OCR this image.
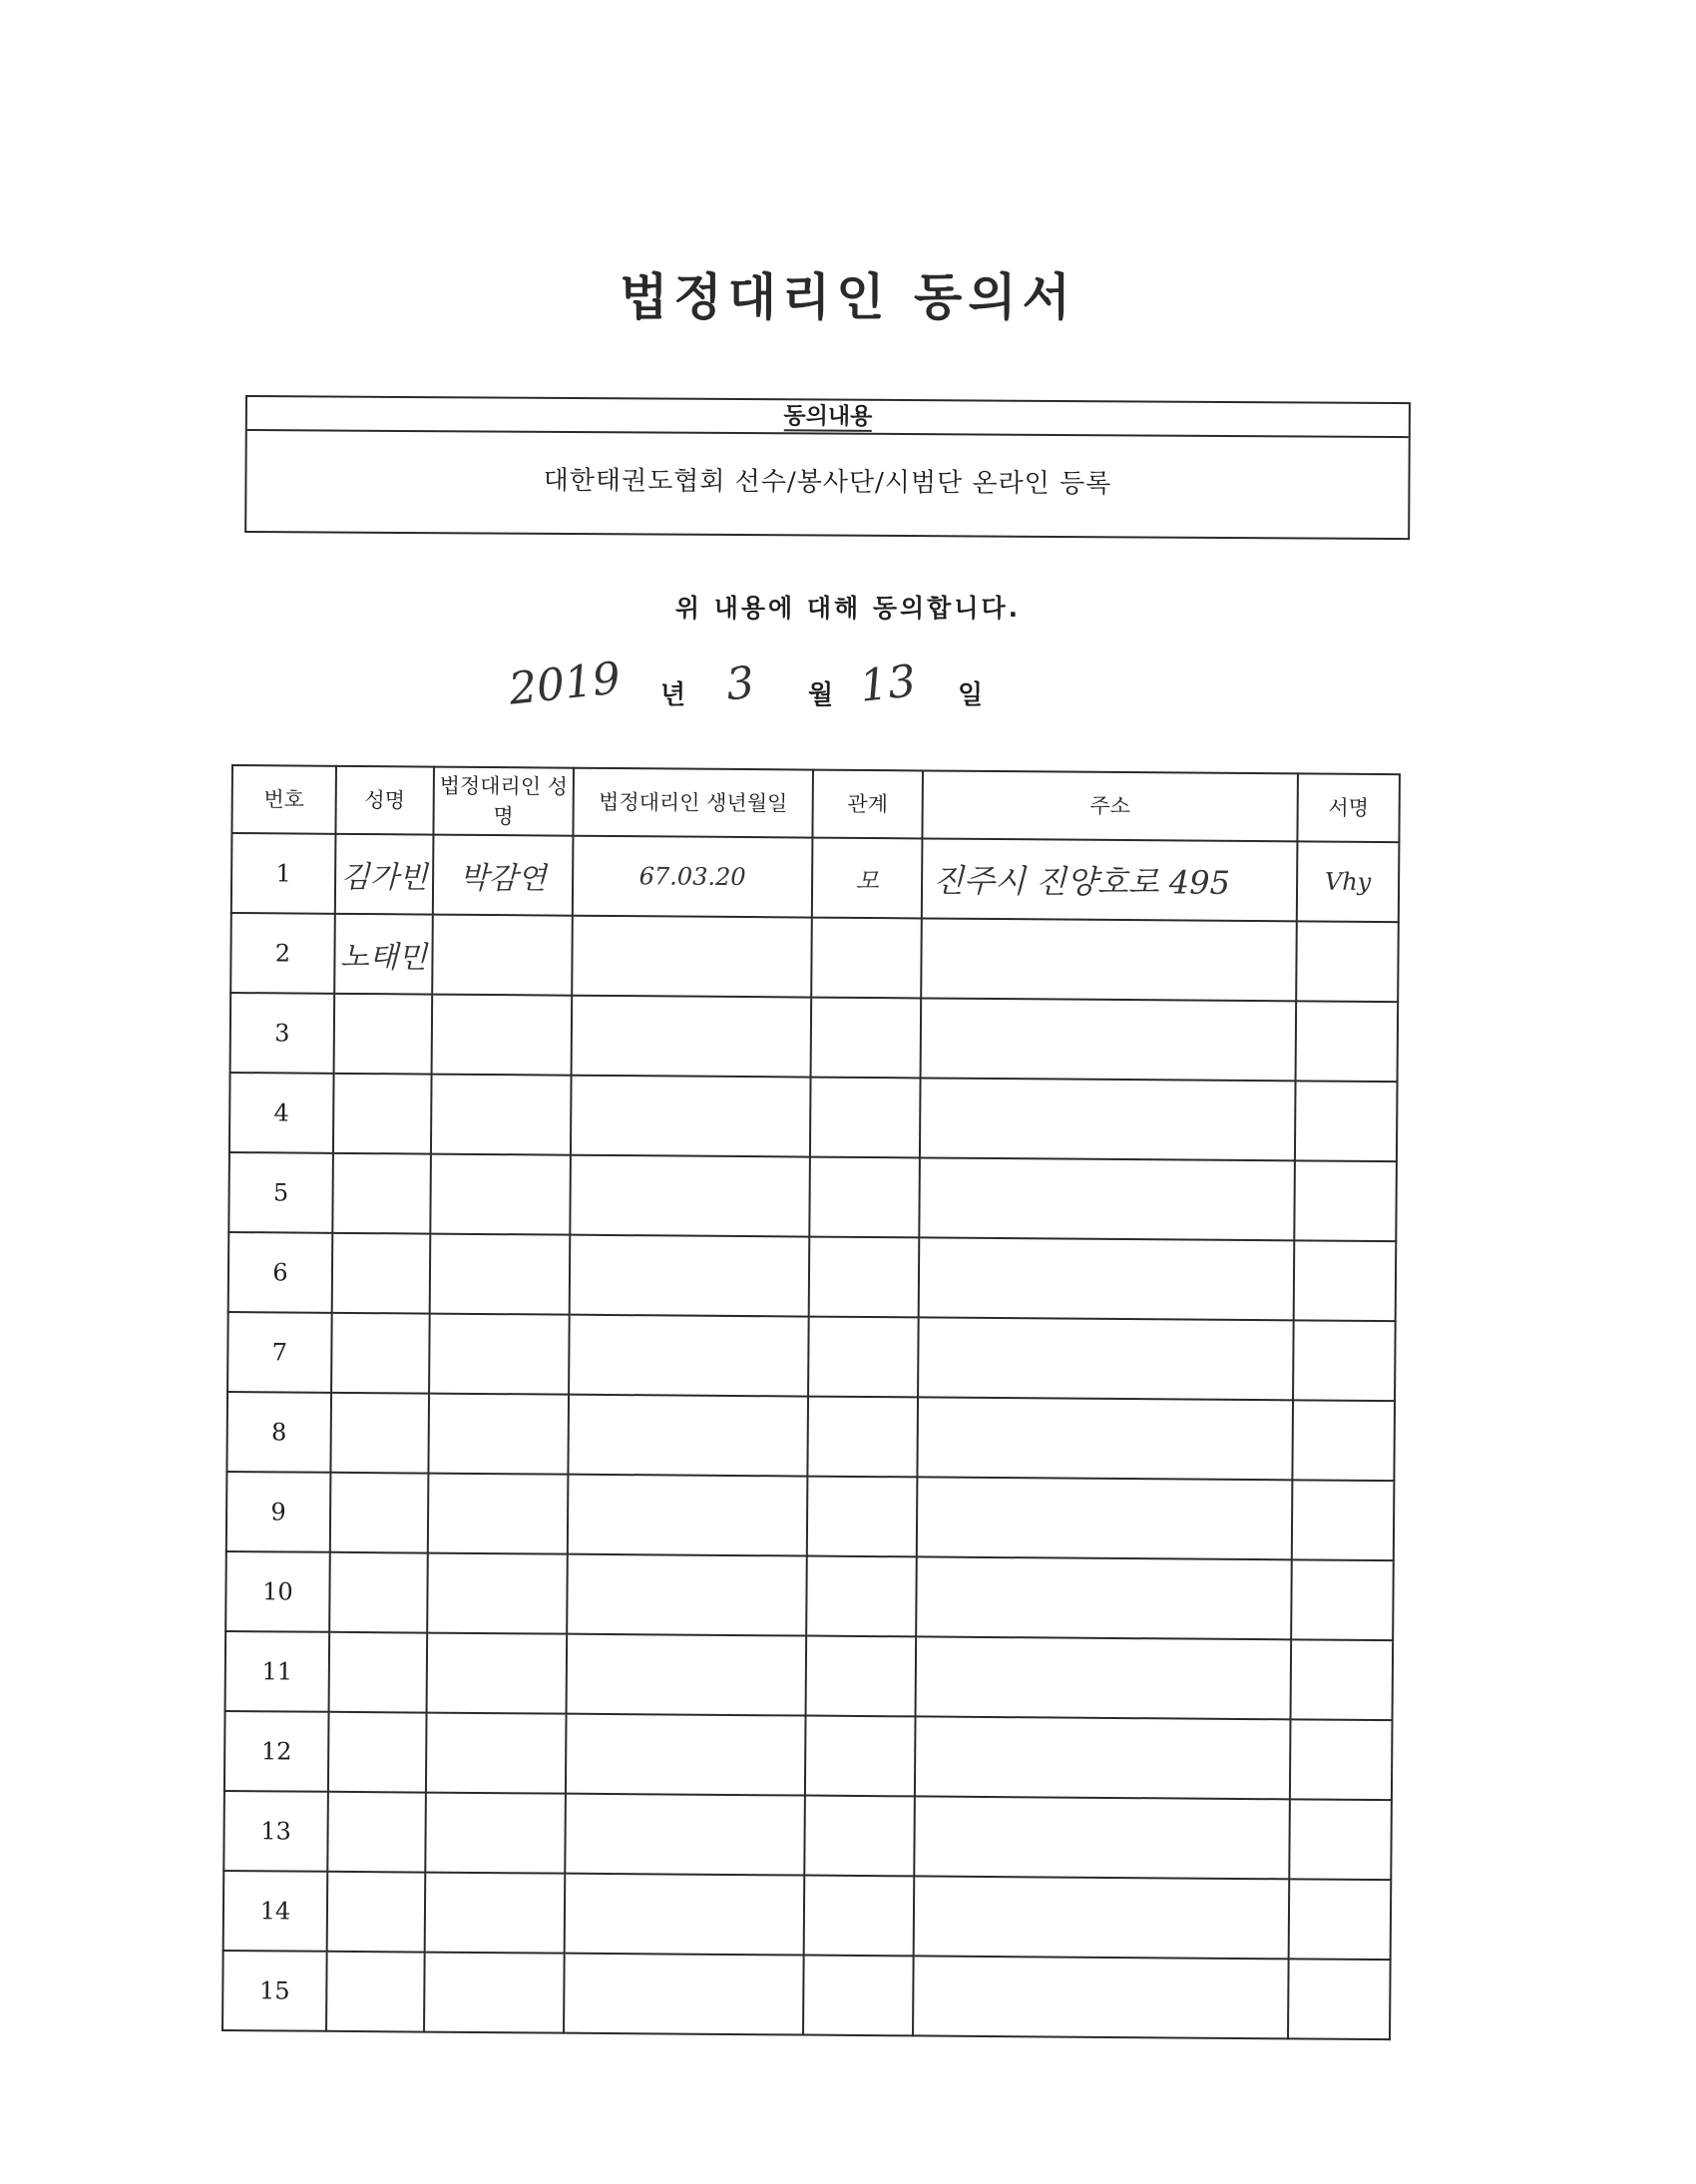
법정대리인 동의서
동의내용
대한태권도협회 선수/봉사단/시범단 온라인 등록
위 내용에 대해 동의합니다.
2019 년 3 월 13 일
번호	성명	법정대리인 성명	법정대리인 생년월일	관계	주소	서명
1	김가빈	박감연	67.03.20	모	진주시 진양호로 495	Vhy
2	노태민					
3						
4						
5						
6						
7						
8						
9						
10						
11						
12						
13						
14						
15						
